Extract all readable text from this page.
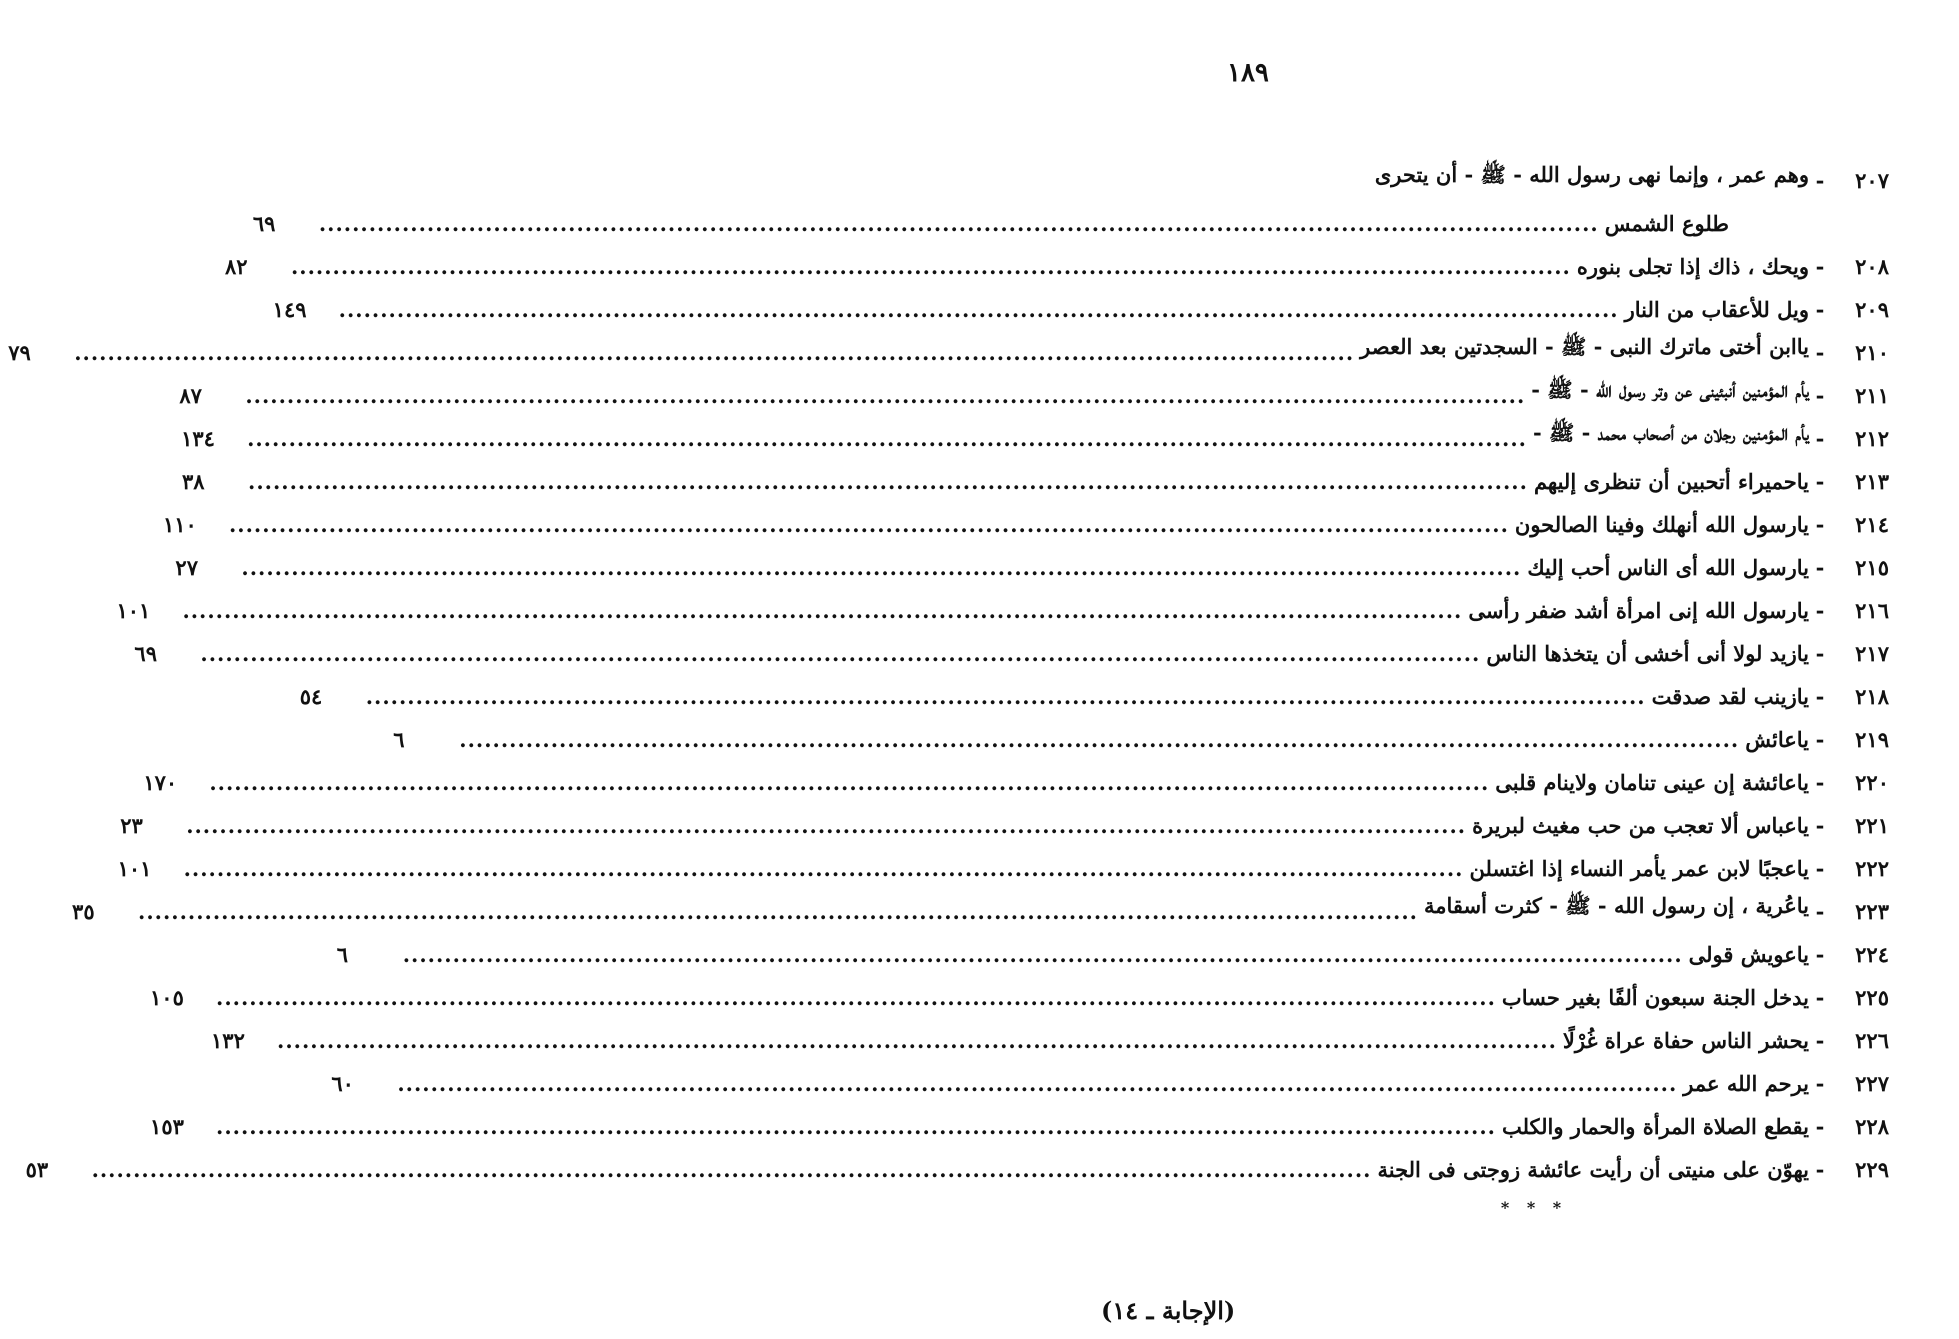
١٨٩
٢٠٧
-
وهم عمر ، وإنما نهى رسول الله - ﷺ - أن يتحرى
طلوع الشمس
..........................................................................................................................................................
٦٩
٢٠٨
-
ويحك ، ذاك إذا تجلى بنوره
..........................................................................................................................................................
٨٢
٢٠٩
-
ويل للأعقاب من النار
..........................................................................................................................................................
١٤٩
٢١٠
-
ياابن أختى ماترك النبى - ﷺ - السجدتين بعد العصر
..........................................................................................................................................................
٧٩
٢١١
-
يأم المؤمنين أنبئينى عن وتر رسول الله - ﷺ -
..........................................................................................................................................................
٨٧
٢١٢
-
يأم المؤمنين رجلان من أصحاب محمد - ﷺ -
..........................................................................................................................................................
١٣٤
٢١٣
-
ياحميراء أتحبين أن تنظرى إليهم
..........................................................................................................................................................
٣٨
٢١٤
-
يارسول الله أنهلك وفينا الصالحون
..........................................................................................................................................................
١١٠
٢١٥
-
يارسول الله أى الناس أحب إليك
..........................................................................................................................................................
٢٧
٢١٦
-
يارسول الله إنى امرأة أشد ضفر رأسى
..........................................................................................................................................................
١٠١
٢١٧
-
يازيد لولا أنى أخشى أن يتخذها الناس
..........................................................................................................................................................
٦٩
٢١٨
-
يازينب لقد صدقت
..........................................................................................................................................................
٥٤
٢١٩
-
ياعائش
..........................................................................................................................................................
٦
٢٢٠
-
ياعائشة إن عينى تنامان ولاينام قلبى
..........................................................................................................................................................
١٧٠
٢٢١
-
ياعباس ألا تعجب من حب مغيث لبريرة
..........................................................................................................................................................
٢٣
٢٢٢
-
ياعجبًا لابن عمر يأمر النساء إذا اغتسلن
..........................................................................................................................................................
١٠١
٢٢٣
-
ياعُرية ، إن رسول الله - ﷺ - كثرت أسقامة
..........................................................................................................................................................
٣٥
٢٢٤
-
ياعويش قولى
..........................................................................................................................................................
٦
٢٢٥
-
يدخل الجنة سبعون ألفًا بغير حساب
..........................................................................................................................................................
١٠٥
٢٢٦
-
يحشر الناس حفاة عراة غُرْلًا
..........................................................................................................................................................
١٣٢
٢٢٧
-
يرحم الله عمر
..........................................................................................................................................................
٦٠
٢٢٨
-
يقطع الصلاة المرأة والحمار والكلب
..........................................................................................................................................................
١٥٣
٢٢٩
-
يهوّن على منيتى أن رأيت عائشة زوجتى فى الجنة
..........................................................................................................................................................
٥٣
* * *
(الإجابة ـ ١٤)
